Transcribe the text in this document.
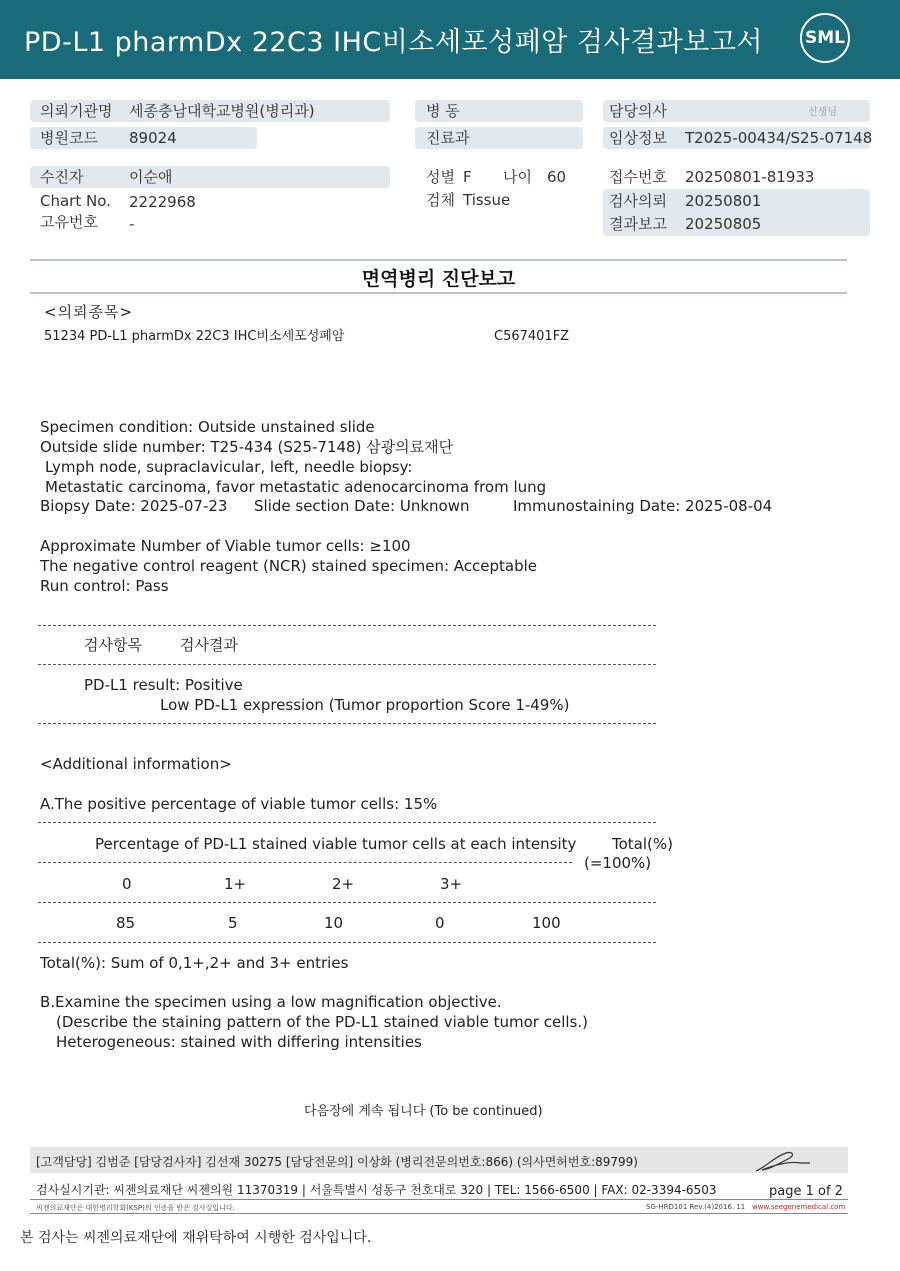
PD-L1 pharmDx 22C3 IHC비소세포성폐암 검사결과보고서 SML
의뢰기관명 세종충남대학교병원(병리과)
병원코드 89024
병 동
진료과
담당의사	선생님
임상정보 T2025-00434/S25-07148
수진자	이순애
Chart No. 2222968
고유번호 -
성별 F 나이 60
검체 Tissue
접수번호 20250801-81933
검사의뢰 20250801
결과보고 20250805
면역병리 진단보고
<의뢰종목>
51234 PD-L1 pharmDx 22C3 IHC비소세포성폐암	C567401FZ
Specimen condition: Outside unstained slide
Outside slide number: T25-434 (S25-7148) 삼광의료재단
Lymph node, supraclavicular, left, needle biopsy:
Metastatic carcinoma, favor metastatic adenocarcinoma from lung
Biopsy Date: 2025-07-23 Slide section Date: Unknown	Immunostaining Date: 2025-08-04
Approximate Number of Viable tumor cells: ≥100
The negative control reagent (NCR) stained specimen: Acceptable
Run control: Pass
검사항목	검사결과
PD-L1 result: Positive
Low PD-L1 expression (Tumor proportion Score 1-49%)
<Additional information>
A.The positive percentage of viable tumor cells: 15%
Percentage of PD-L1 stained viable tumor cells at each intensity Total(%)
(=100%)
0	1+	2+	3+
85	5	10	0	100
Total(%): Sum of 0,1+,2+ and 3+ entries
B.Examine the specimen using a low magnification objective.
(Describe the staining pattern of the PD-L1 stained viable tumor cells.)
Heterogeneous: stained with differing intensities
다음장에 계속 됩니다 (To be continued)
[고객담당] 김범준 [담당검사자] 김선재 30275 [담당전문의] 이상화 (병리전문의번호:866) (의사면허번호:89799)
검사실시기관: 씨젠의료재단 씨젠의원 11370319 | 서울특별시 성동구 천호대로 320 | TEL: 1566-6500 | FAX: 02-3394-6503	page 1 of 2
씨젠의료재단은 대한병리학회(KSP)의 인증을 받은 검사실입니다.	SG-HRD101 Rev.(4)2016. 11 www.seegenemedical.com
본 검사는 씨젠의료재단에 재위탁하여 시행한 검사입니다.
